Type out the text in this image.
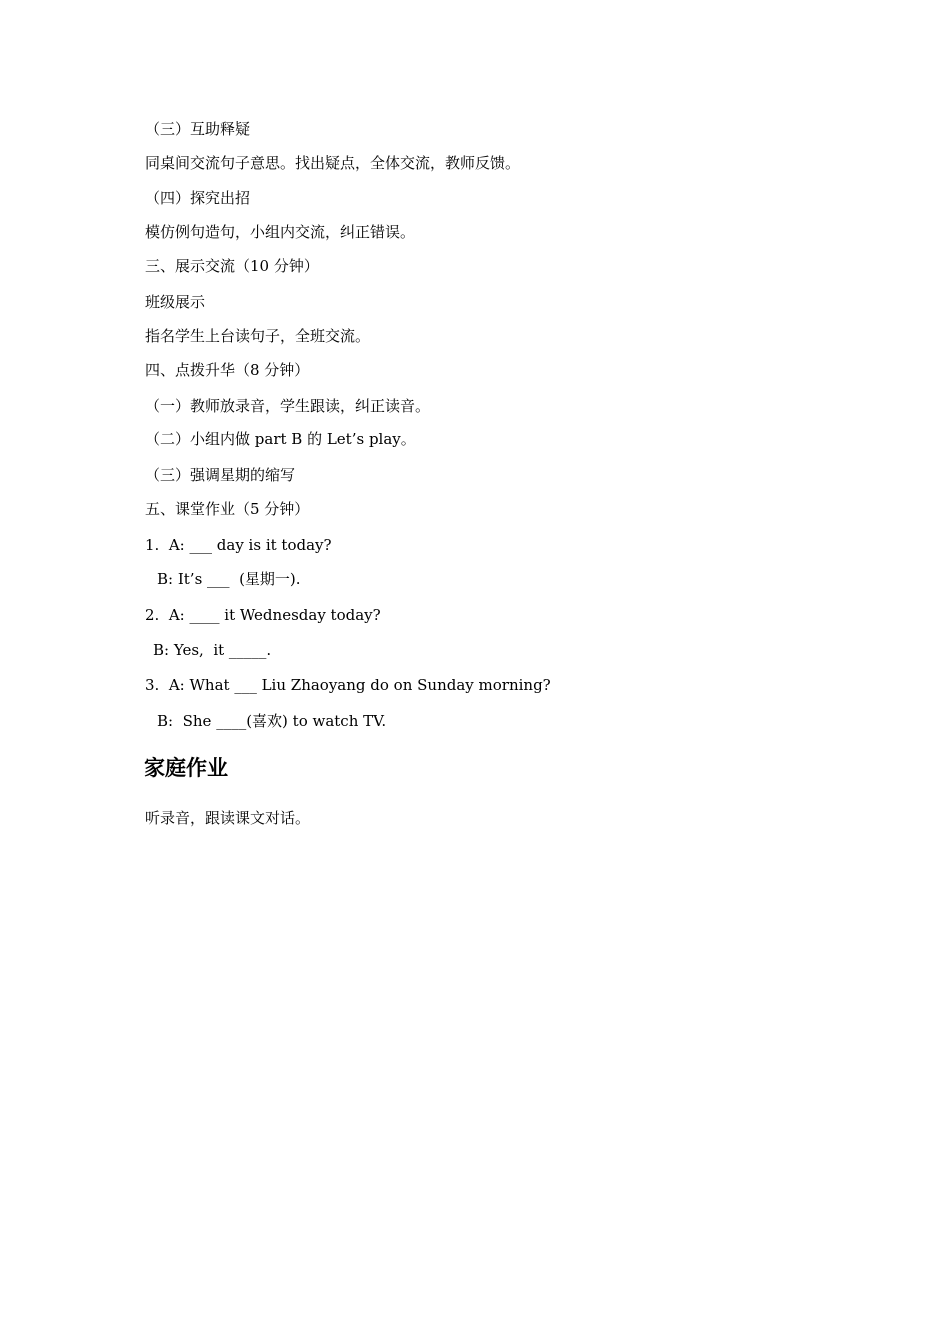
（三）互助释疑
同桌间交流句子意思。找出疑点，全体交流，教师反馈。
（四）探究出招
模仿例句造句，小组内交流，纠正错误。
三、展示交流（10 分钟）
班级展示
指名学生上台读句子，全班交流。
四、点拨升华（8 分钟）
（一）教师放录音，学生跟读，纠正读音。
（二）小组内做 part B 的 Let’s play。
（三）强调星期的缩写
五、课堂作业（5 分钟）
1.  A: ___ day is it today?
B: It’s ___  (星期一).
2.  A: ____ it Wednesday today?
B: Yes,  it _____.
3.  A: What ___ Liu Zhaoyang do on Sunday morning?
B:  She ____(喜欢) to watch TV.
家庭作业
听录音，跟读课文对话。
